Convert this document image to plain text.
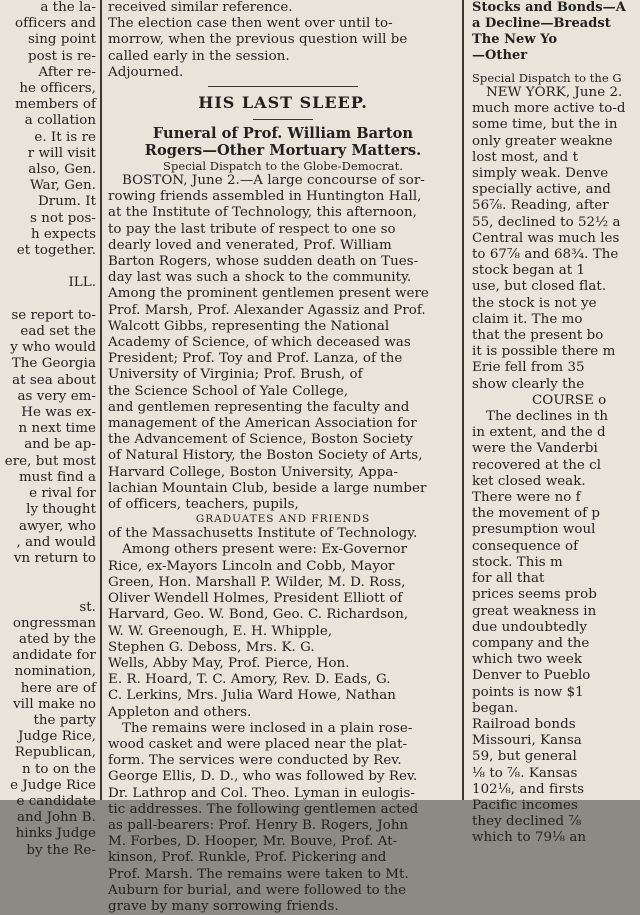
a the la-
officers and
sing point
post is re-
After re-
he officers,
members of
a collation
e. It is re
r will visit
also, Gen.
War, Gen.
Drum. It
s not pos-
h expects
et together.

ILL.

se report to-
ead set the
y who would
The Georgia
at sea about
as very em-
He was ex-
n next time
and be ap-
ere, but most
must find a
e rival for
ly thought
awyer, who
, and would
vn return to

st.
ongressman
ated by the
andidate for
nomination,
here are of
vill make no
the party
Judge Rice,
Republican,
n to on the
e Judge Rice
e candidate
and John B.
hinks Judge
by the Re-
received similar reference.
The election case then went over until to-
morrow, when the previous question will be
called early in the session.
Adjourned.
HIS LAST SLEEP.
Funeral of Prof. William Barton
Rogers—Other Mortuary Matters.
Special Dispatch to the Globe-Democrat.
BOSTON, June 2.—A large concourse of sor-
rowing friends assembled in Huntington Hall,
at the Institute of Technology, this afternoon,
to pay the last tribute of respect to one so
dearly loved and venerated, Prof. William
Barton Rogers, whose sudden death on Tues-
day last was such a shock to the community.
Among the prominent gentlemen present were
Prof. Marsh, Prof. Alexander Agassiz and Prof.
Walcott Gibbs, representing the National
Academy of Science, of which deceased was
President; Prof. Toy and Prof. Lanza, of the
University of Virginia; Prof. Brush, of
the Science School of Yale College,
and gentlemen representing the faculty and
management of the American Association for
the Advancement of Science, Boston Society
of Natural History, the Boston Society of Arts,
Harvard College, Boston University, Appa-
lachian Mountain Club, beside a large number
of officers, teachers, pupils,
GRADUATES AND FRIENDS
of the Massachusetts Institute of Technology.
Among others present were: Ex-Governor
Rice, ex-Mayors Lincoln and Cobb, Mayor
Green, Hon. Marshall P. Wilder, M. D. Ross,
Oliver Wendell Holmes, President Elliott of
Harvard, Geo. W. Bond, Geo. C. Richardson,
W. W. Greenough, E. H. Whipple,
Stephen G. Deboss, Mrs. K. G.
Wells, Abby May, Prof. Pierce, Hon.
E. R. Hoard, T. C. Amory, Rev. D. Eads, G.
C. Lerkins, Mrs. Julia Ward Howe, Nathan
Appleton and others.
The remains were inclosed in a plain rose-
wood casket and were placed near the plat-
form. The services were conducted by Rev.
George Ellis, D. D., who was followed by Rev.
Dr. Lathrop and Col. Theo. Lyman in eulogis-
tic addresses. The following gentlemen acted
as pall-bearers: Prof. Henry B. Rogers, John
M. Forbes, D. Hooper, Mr. Bouve, Prof. At-
kinson, Prof. Runkle, Prof. Pickering and
Prof. Marsh. The remains were taken to Mt.
Auburn for burial, and were followed to the
grave by many sorrowing friends.
Stocks and Bonds—A
a Decline—Breadst
The New Yo
—Other
Special Dispatch to the G
NEW YORK, June 2.
much more active to-d
some time, but the in
only greater weakne
lost most, and t
simply weak. Denve
specially active, and
56⅞. Reading, after
55, declined to 52½ a
Central was much les
to 67⅞ and 68¾. The
stock began at 1
use, but closed flat.
the stock is not ye
claim it. The mo
that the present bo
it is possible there m
Erie fell from 35
show clearly the
COURSE o
The declines in th
in extent, and the d
were the Vanderbi
recovered at the cl
ket closed weak.
There were no f
the movement of p
presumption woul
consequence of
stock. This m
for all that
prices seems prob
great weakness in
due undoubtedly
company and the
which two week
Denver to Pueblo
points is now $1
began.
Railroad bonds
Missouri, Kansa
59, but general
⅛ to ⅞. Kansas
102⅛, and firsts
Pacific incomes
they declined ⅞
which to 79⅛ an
